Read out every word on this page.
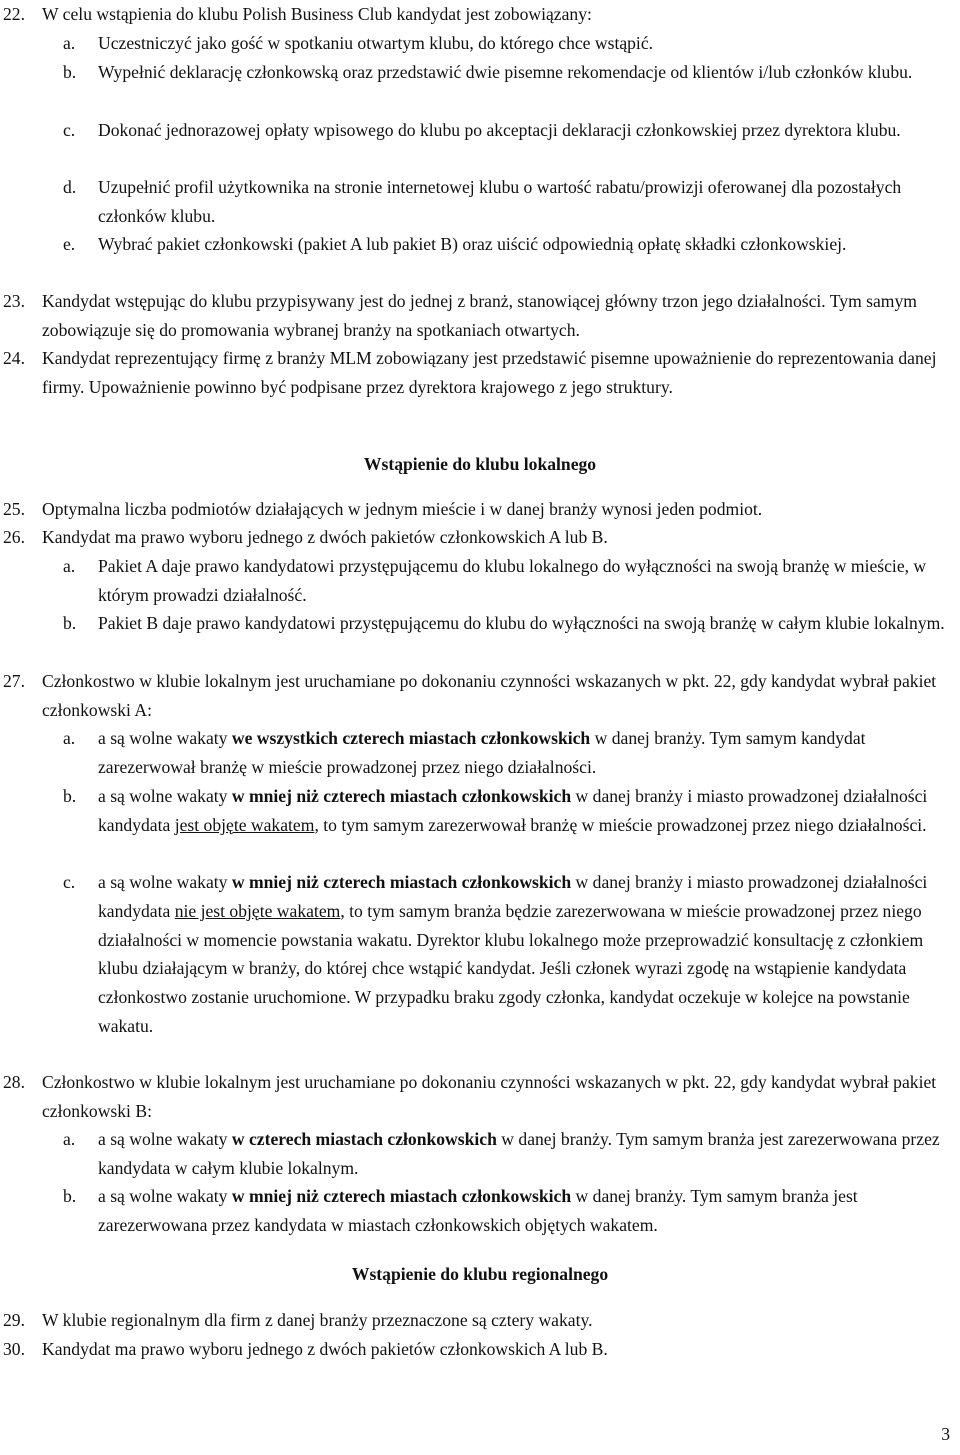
22. W celu wstąpienia do klubu Polish Business Club kandydat jest zobowiązany:
a.	Uczestniczyć jako gość w spotkaniu otwartym klubu, do którego chce wstąpić.
b.	Wypełnić deklarację członkowską oraz przedstawić dwie pisemne rekomendacje od klientów i/lub członków klubu.
c.	Dokonać jednorazowej opłaty wpisowego do klubu po akceptacji deklaracji członkowskiej przez dyrektora klubu.
d.	Uzupełnić profil użytkownika na stronie internetowej klubu o wartość rabatu/prowizji oferowanej dla pozostałych członków klubu.
e.	Wybrać pakiet członkowski (pakiet A lub pakiet B) oraz uiścić odpowiednią opłatę składki członkowskiej.
23. Kandydat wstępując do klubu przypisywany jest do jednej z branż, stanowiącej główny trzon jego działalności. Tym samym zobowiązuje się do promowania wybranej branży na spotkaniach otwartych.
24. Kandydat reprezentujący firmę z branży MLM zobowiązany jest przedstawić pisemne upoważnienie do reprezentowania danej firmy. Upoważnienie powinno być podpisane przez dyrektora krajowego z jego struktury.
Wstąpienie do klubu lokalnego
25. Optymalna liczba podmiotów działających w jednym mieście i w danej branży wynosi jeden podmiot.
26. Kandydat ma prawo wyboru jednego z dwóch pakietów członkowskich A lub B.
a.	Pakiet A daje prawo kandydatowi przystępującemu do klubu lokalnego do wyłączności na swoją branżę w mieście, w którym prowadzi działalność.
b.	Pakiet B daje prawo kandydatowi przystępującemu do klubu do wyłączności na swoją branżę w całym klubie lokalnym.
27. Członkostwo w klubie lokalnym jest uruchamiane po dokonaniu czynności wskazanych w pkt. 22, gdy kandydat wybrał pakiet członkowski A:
a.	a są wolne wakaty we wszystkich czterech miastach członkowskich w danej branży. Tym samym kandydat zarezerwował branżę w mieście prowadzonej przez niego działalności.
b.	a są wolne wakaty w mniej niż czterech miastach członkowskich w danej branży i miasto prowadzonej działalności kandydata jest objęte wakatem, to tym samym zarezerwował branżę w mieście prowadzonej przez niego działalności.
c.	a są wolne wakaty w mniej niż czterech miastach członkowskich w danej branży i miasto prowadzonej działalności kandydata nie jest objęte wakatem, to tym samym branża będzie zarezerwowana w mieście prowadzonej przez niego działalności w momencie powstania wakatu. Dyrektor klubu lokalnego może przeprowadzić konsultację z członkiem klubu działającym w branży, do której chce wstąpić kandydat. Jeśli członek wyrazi zgodę na wstąpienie kandydata członkostwo zostanie uruchomione. W przypadku braku zgody członka, kandydat oczekuje w kolejce na powstanie wakatu.
28. Członkostwo w klubie lokalnym jest uruchamiane po dokonaniu czynności wskazanych w pkt. 22, gdy kandydat wybrał pakiet członkowski B:
a.	a są wolne wakaty w czterech miastach członkowskich w danej branży. Tym samym branża jest zarezerwowana przez kandydata w całym klubie lokalnym.
b.	a są wolne wakaty w mniej niż czterech miastach członkowskich w danej branży. Tym samym branża jest zarezerwowana przez kandydata w miastach członkowskich objętych wakatem.
Wstąpienie do klubu regionalnego
29. W klubie regionalnym dla firm z danej branży przeznaczone są cztery wakaty.
30. Kandydat ma prawo wyboru jednego z dwóch pakietów członkowskich A lub B.
3
